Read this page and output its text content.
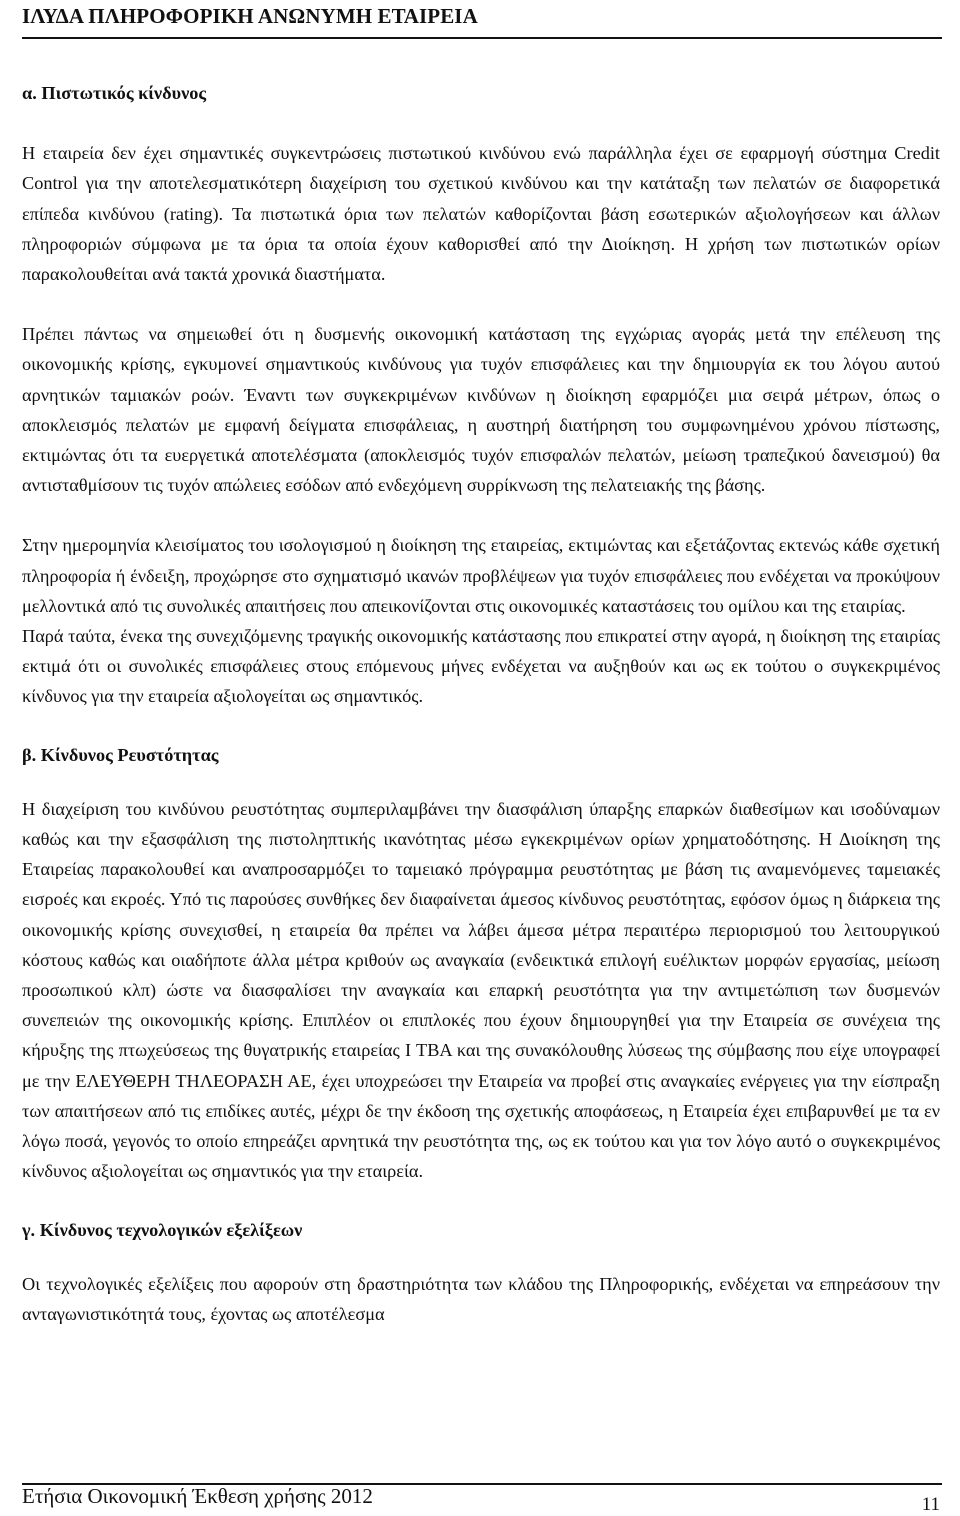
ΙΛΥΔΑ ΠΛΗΡΟΦΟΡΙΚΗ ΑΝΩΝΥΜΗ ΕΤΑΙΡΕΙΑ

α. Πιστωτικός κίνδυνος

Η εταιρεία δεν έχει σημαντικές συγκεντρώσεις πιστωτικού κινδύνου ενώ παράλληλα έχει σε εφαρμογή σύστημα Credit Control για την αποτελεσματικότερη διαχείριση του σχετικού κινδύνου και την κατάταξη των πελατών σε διαφορετικά επίπεδα κινδύνου (rating). Τα πιστωτικά όρια των πελατών καθορίζονται βάση εσωτερικών αξιολογήσεων και άλλων πληροφοριών σύμφωνα με τα όρια τα οποία έχουν καθορισθεί από την Διοίκηση. Η χρήση των πιστωτικών ορίων παρακολουθείται ανά τακτά χρονικά διαστήματα.

Πρέπει πάντως να σημειωθεί ότι η δυσμενής οικονομική κατάσταση της εγχώριας αγοράς μετά την επέλευση της οικονομικής κρίσης, εγκυμονεί σημαντικούς κινδύνους για τυχόν επισφάλειες και την δημιουργία εκ του λόγου αυτού αρνητικών ταμιακών ροών. Έναντι των συγκεκριμένων κινδύνων η διοίκηση εφαρμόζει μια σειρά μέτρων, όπως ο αποκλεισμός πελατών με εμφανή δείγματα επισφάλειας, η αυστηρή διατήρηση του συμφωνημένου χρόνου πίστωσης, εκτιμώντας ότι τα ευεργετικά αποτελέσματα (αποκλεισμός τυχόν επισφαλών πελατών, μείωση τραπεζικού δανεισμού) θα αντισταθμίσουν τις τυχόν απώλειες εσόδων από ενδεχόμενη συρρίκνωση της πελατειακής της βάσης.

Στην ημερομηνία κλεισίματος του ισολογισμού η διοίκηση της εταιρείας, εκτιμώντας και εξετάζοντας εκτενώς κάθε σχετική πληροφορία ή ένδειξη, προχώρησε στο σχηματισμό ικανών προβλέψεων για τυχόν επισφάλειες που ενδέχεται να προκύψουν μελλοντικά από τις συνολικές απαιτήσεις που απεικονίζονται στις οικονομικές καταστάσεις του ομίλου και της εταιρίας.

Παρά ταύτα, ένεκα της συνεχιζόμενης τραγικής οικονομικής κατάστασης που επικρατεί στην αγορά, η διοίκηση της εταιρίας εκτιμά ότι οι συνολικές επισφάλειες στους επόμενους μήνες ενδέχεται να αυξηθούν και ως εκ τούτου ο συγκεκριμένος κίνδυνος για την εταιρεία αξιολογείται ως σημαντικός.

β. Κίνδυνος Ρευστότητας

Η διαχείριση του κινδύνου ρευστότητας συμπεριλαμβάνει την διασφάλιση ύπαρξης επαρκών διαθεσίμων και ισοδύναμων καθώς και την εξασφάλιση της πιστοληπτικής ικανότητας μέσω εγκεκριμένων ορίων χρηματοδότησης. Η Διοίκηση της Εταιρείας παρακολουθεί και αναπροσαρμόζει το ταμειακό πρόγραμμα ρευστότητας με βάση τις αναμενόμενες ταμειακές εισροές και εκροές. Υπό τις παρούσες συνθήκες δεν διαφαίνεται άμεσος κίνδυνος ρευστότητας, εφόσον όμως η διάρκεια της οικονομικής κρίσης συνεχισθεί, η εταιρεία θα πρέπει να λάβει άμεσα μέτρα περαιτέρω περιορισμού του λειτουργικού κόστους καθώς και οιαδήποτε άλλα μέτρα κριθούν ως αναγκαία (ενδεικτικά επιλογή ευέλικτων μορφών εργασίας, μείωση προσωπικού κλπ) ώστε να διασφαλίσει την αναγκαία και επαρκή ρευστότητα για την αντιμετώπιση των δυσμενών συνεπειών της οικονομικής κρίσης. Επιπλέον οι επιπλοκές που έχουν δημιουργηθεί για την Εταιρεία σε συνέχεια της κήρυξης της πτωχεύσεως της θυγατρικής εταιρείας I TBA και της συνακόλουθης λύσεως της σύμβασης που είχε υπογραφεί με την ΕΛΕΥΘΕΡΗ ΤΗΛΕΟΡΑΣΗ ΑΕ, έχει υποχρεώσει την Εταιρεία να προβεί στις αναγκαίες ενέργειες για την είσπραξη των απαιτήσεων από τις επιδίκες αυτές, μέχρι δε την έκδοση της σχετικής αποφάσεως, η Εταιρεία έχει επιβαρυνθεί με τα εν λόγω ποσά, γεγονός το οποίο επηρεάζει αρνητικά την ρευστότητα της, ως εκ τούτου και για τον λόγο αυτό ο συγκεκριμένος κίνδυνος αξιολογείται ως σημαντικός για την εταιρεία.

γ. Κίνδυνος τεχνολογικών εξελίξεων

Οι τεχνολογικές εξελίξεις που αφορούν στη δραστηριότητα των κλάδου της Πληροφορικής, ενδέχεται να επηρεάσουν την ανταγωνιστικότητά τους, έχοντας ως αποτέλεσμα

Ετήσια Οικονομική Έκθεση χρήσης 2012	11
